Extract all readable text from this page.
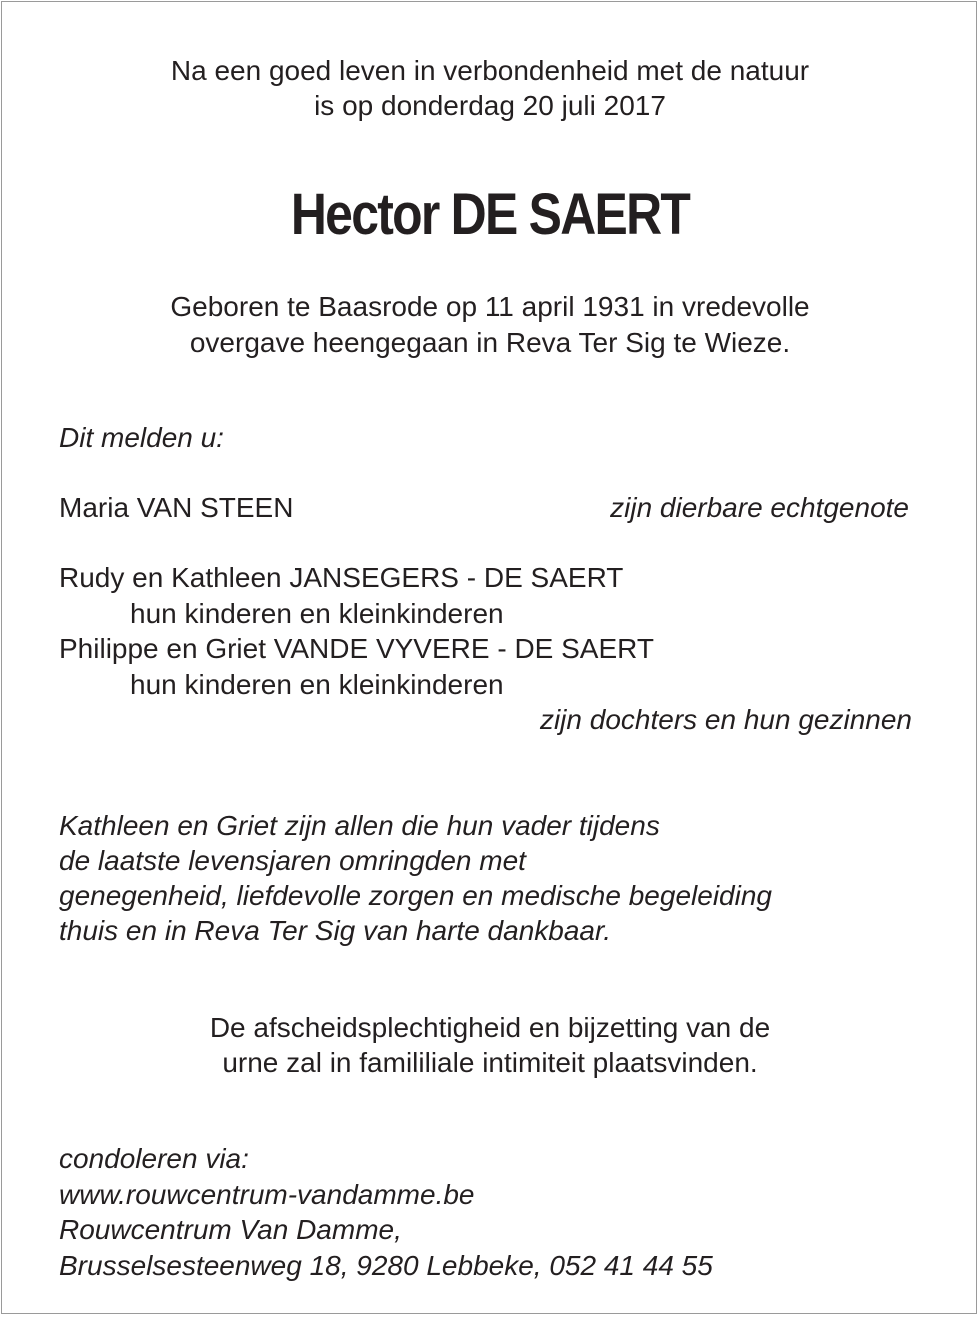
Na een goed leven in verbondenheid met de natuur
is op donderdag 20 juli 2017
Hector DE SAERT
Geboren te Baasrode op 11 april 1931 in vredevolle
overgave heengegaan in Reva Ter Sig te Wieze.
Dit melden u:
Maria VAN STEEN	zijn dierbare echtgenote
Rudy en Kathleen JANSEGERS - DE SAERT
hun kinderen en kleinkinderen
Philippe en Griet VANDE VYVERE - DE SAERT
hun kinderen en kleinkinderen
zijn dochters en hun gezinnen
Kathleen en Griet zijn allen die hun vader tijdens
de laatste levensjaren omringden met
genegenheid, liefdevolle zorgen en medische begeleiding
thuis en in Reva Ter Sig van harte dankbaar.
De afscheidsplechtigheid en bijzetting van de
urne zal in famililiale intimiteit plaatsvinden.
condoleren via:
www.rouwcentrum-vandamme.be
Rouwcentrum Van Damme,
Brusselsesteenweg 18, 9280 Lebbeke, 052 41 44 55
